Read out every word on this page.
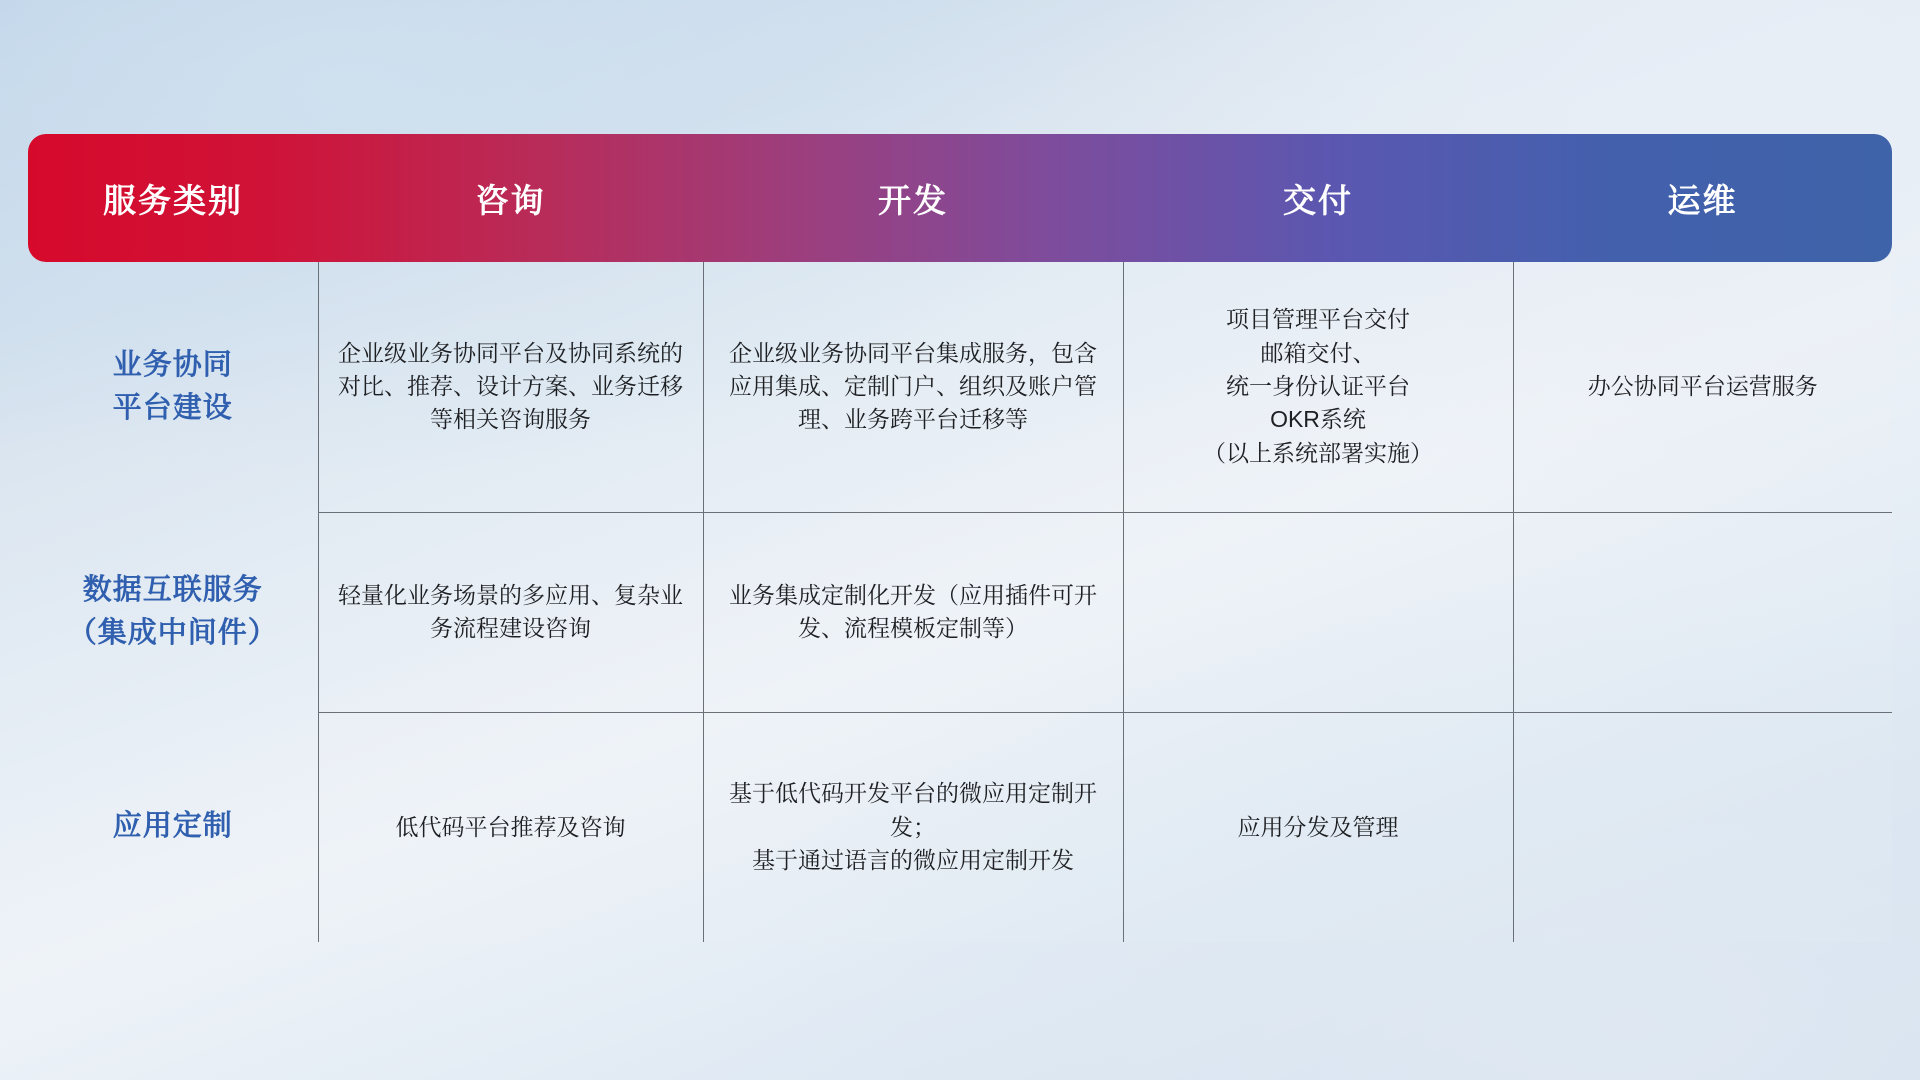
服务类别	咨询	开发	交付	运维

业务协同
平台建设	企业级业务协同平台及协同系统的对比、推荐、设计方案、业务迁移等相关咨询服务	企业级业务协同平台集成服务，包含应用集成、定制门户、组织及账户管理、业务跨平台迁移等	项目管理平台交付
邮箱交付、
统一身份认证平台
OKR系统
（以上系统部署实施）	办公协同平台运营服务

数据互联服务
（集成中间件）	轻量化业务场景的多应用、复杂业务流程建设咨询	业务集成定制化开发（应用插件可开发、流程模板定制等）		

应用定制	低代码平台推荐及咨询	基于低代码开发平台的微应用定制开发；
基于通过语言的微应用定制开发	应用分发及管理	
